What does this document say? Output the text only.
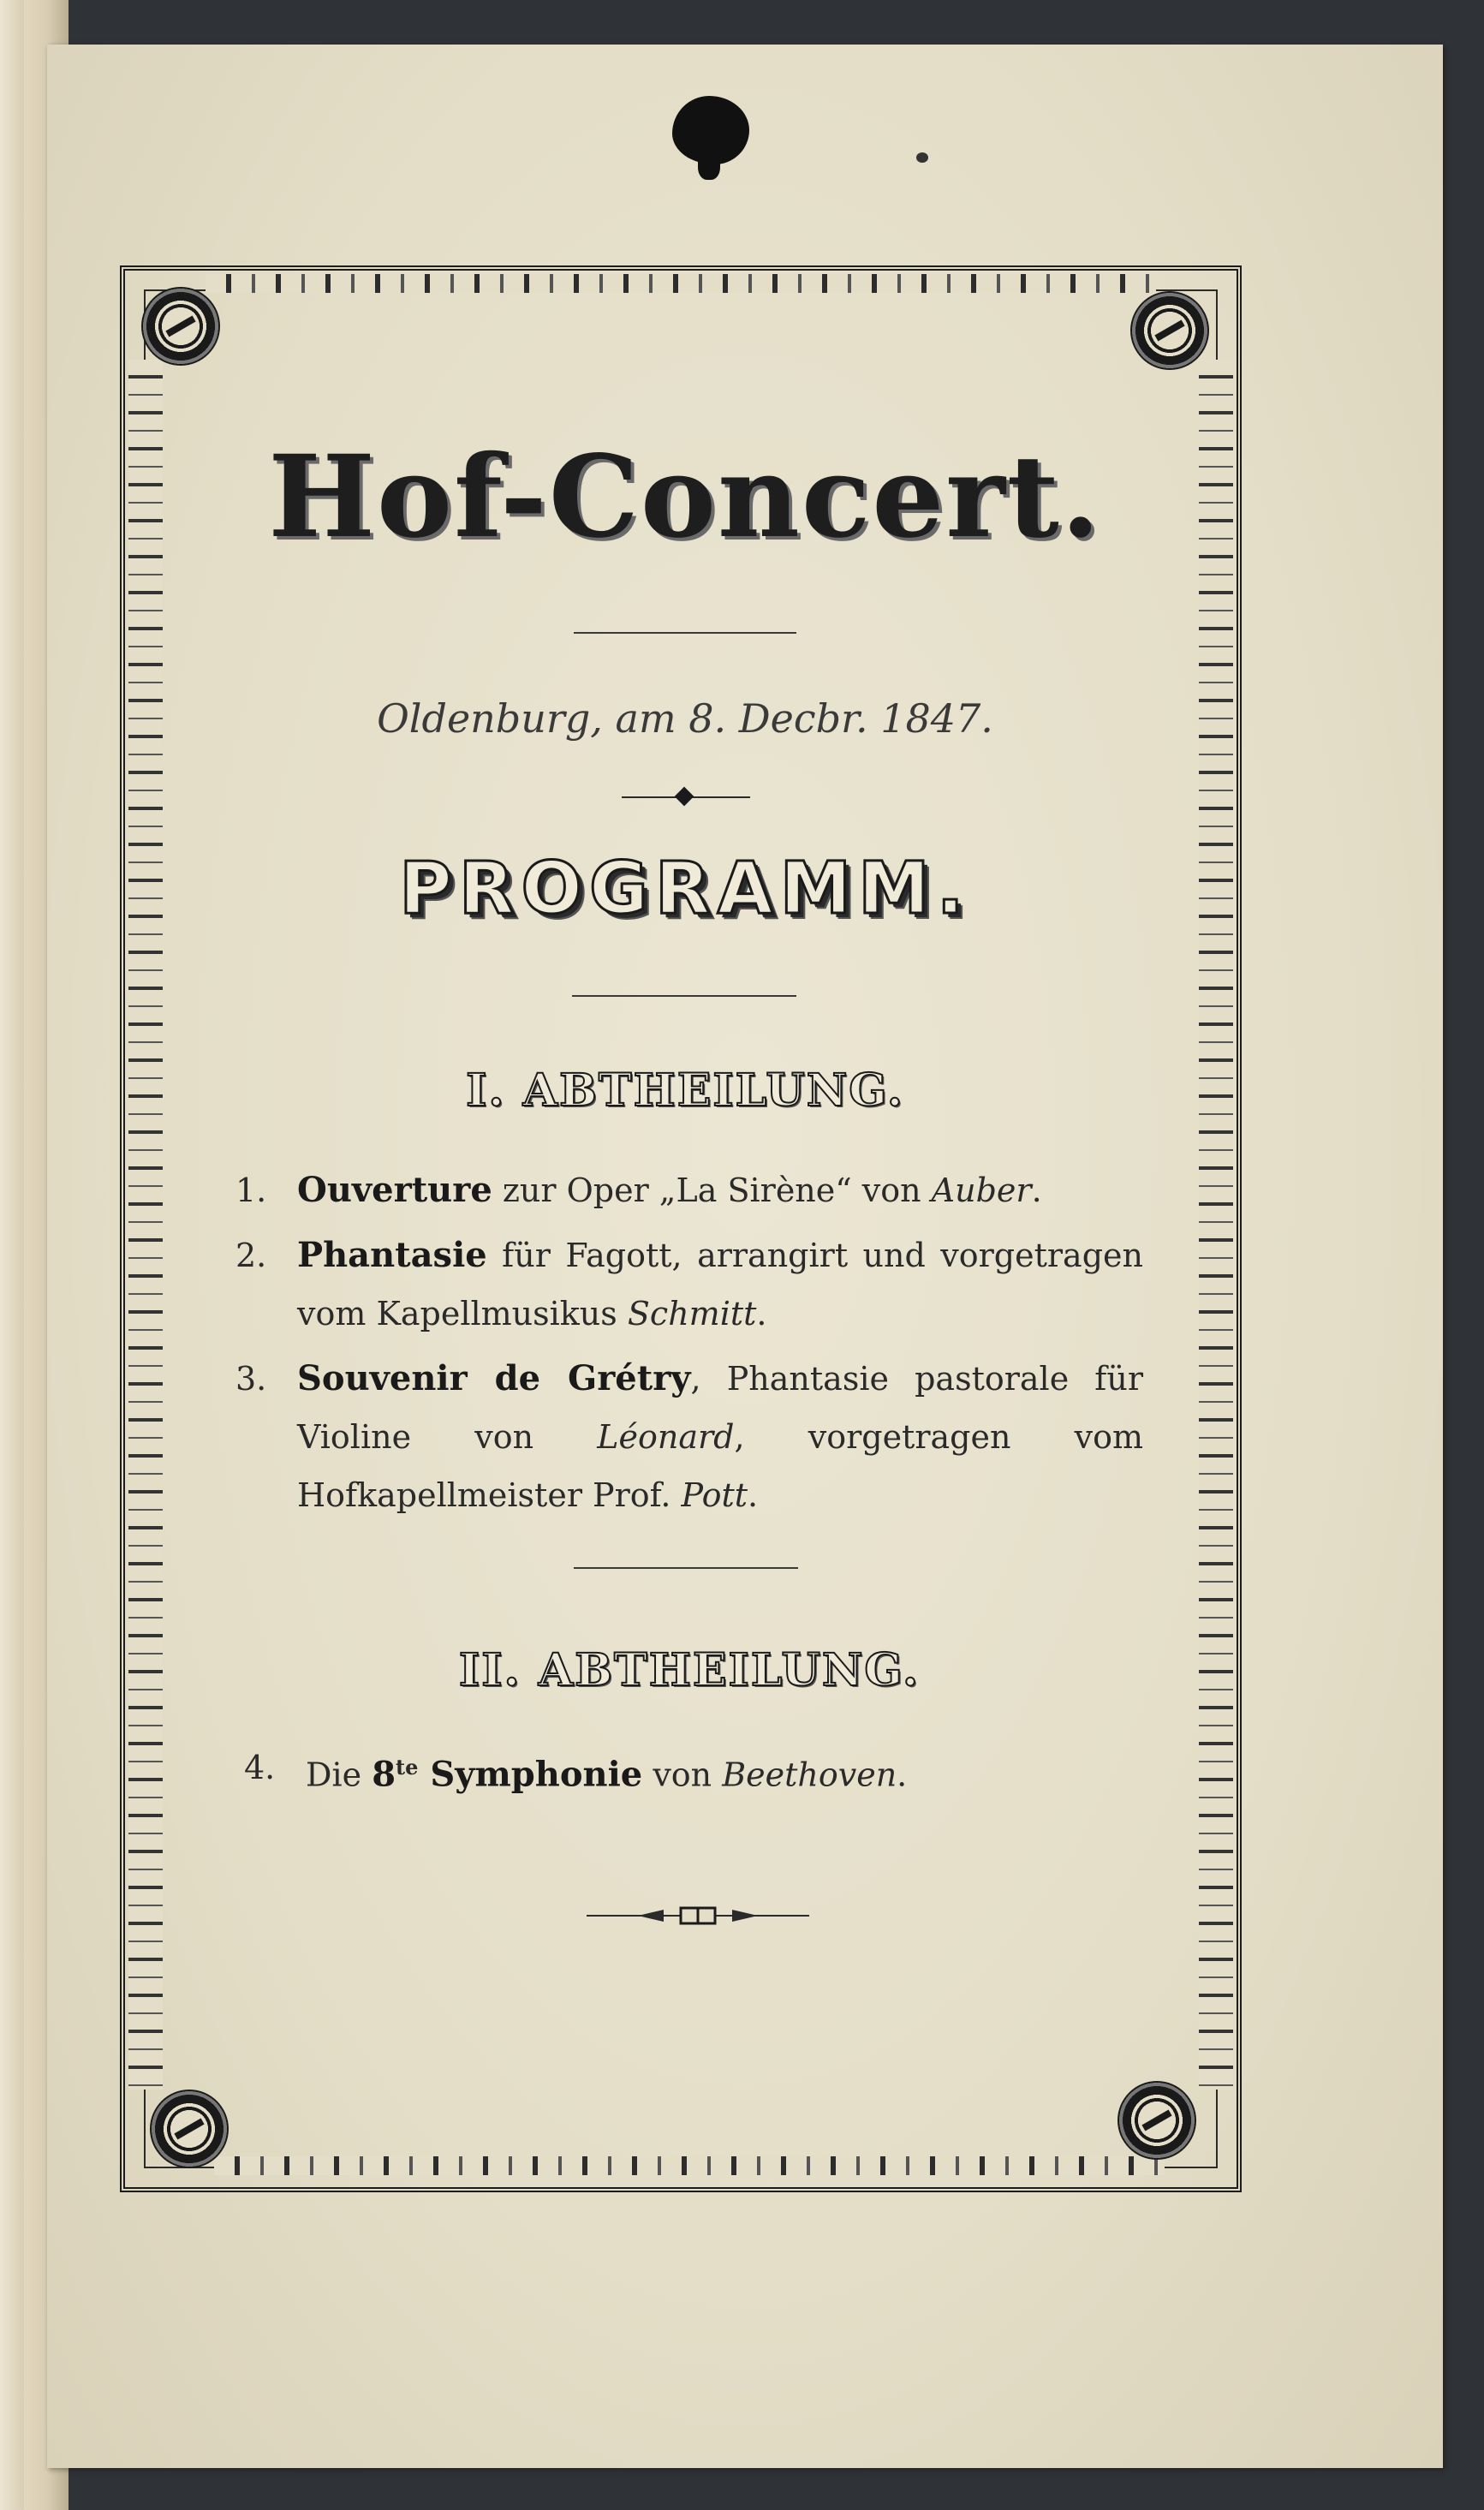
Hof-Concert.
Oldenburg, am 8. Decbr. 1847.
PROGRAMM.
I. ABTHEILUNG.
1. Ouverture zur Oper „La Sirène“ von Auber.
2. Phantasie für Fagott, arrangirt und vorgetragen vom Kapellmusikus Schmitt.
3. Souvenir de Grétry, Phantasie pastorale für Violine von Léonard, vorgetragen vom Hofkapellmeister Prof. Pott.
II. ABTHEILUNG.
4. Die $8^{te}$ Symphonie von Beethoven.
